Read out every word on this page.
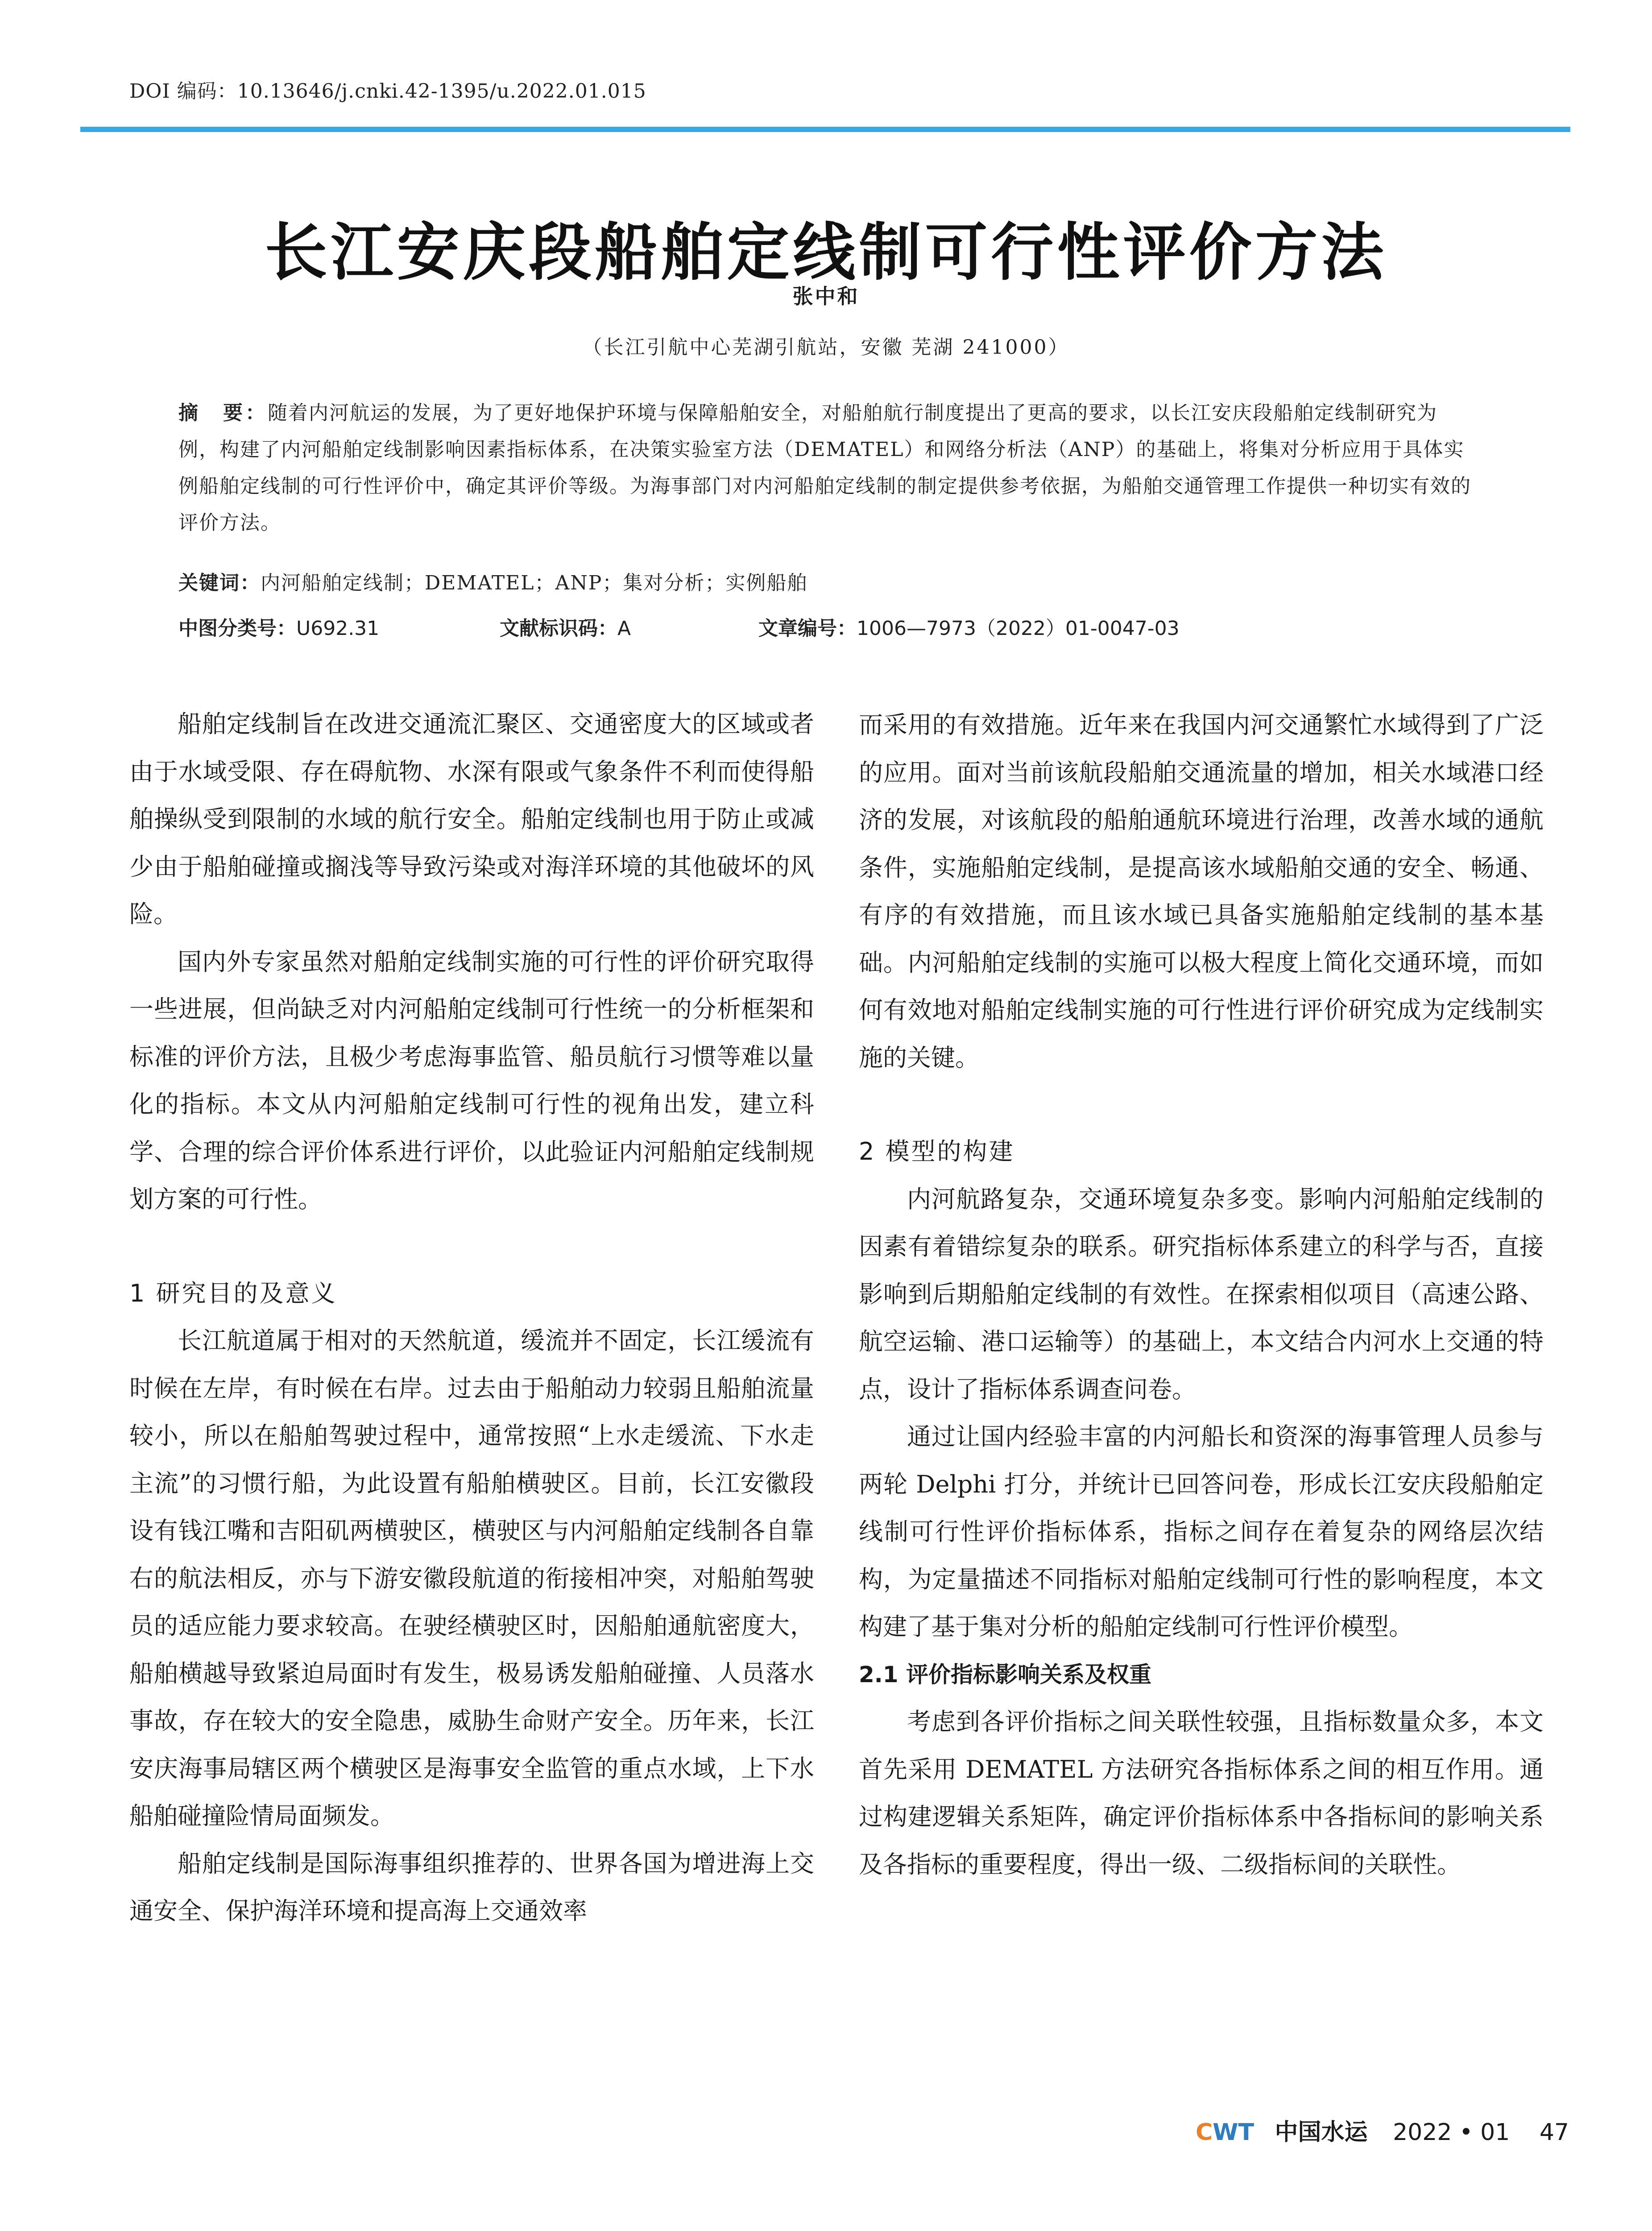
DOI 编码：10.13646/j.cnki.42-1395/u.2022.01.015
长江安庆段船舶定线制可行性评价方法
张中和
（长江引航中心芜湖引航站，安徽 芜湖 241000）
摘　要：随着内河航运的发展，为了更好地保护环境与保障船舶安全，对船舶航行制度提出了更高的要求，以长江安庆段船舶定线制研究为例，构建了内河船舶定线制影响因素指标体系，在决策实验室方法（DEMATEL）和网络分析法（ANP）的基础上，将集对分析应用于具体实例船舶定线制的可行性评价中，确定其评价等级。为海事部门对内河船舶定线制的制定提供参考依据，为船舶交通管理工作提供一种切实有效的评价方法。
关键词：内河船舶定线制；DEMATEL；ANP；集对分析；实例船舶
中图分类号：U692.31	文献标识码：A	文章编号：1006—7973（2022）01-0047-03

船舶定线制旨在改进交通流汇聚区、交通密度大的区域或者由于水域受限、存在碍航物、水深有限或气象条件不利而使得船舶操纵受到限制的水域的航行安全。船舶定线制也用于防止或减少由于船舶碰撞或搁浅等导致污染或对海洋环境的其他破坏的风险。

国内外专家虽然对船舶定线制实施的可行性的评价研究取得一些进展，但尚缺乏对内河船舶定线制可行性统一的分析框架和标准的评价方法，且极少考虑海事监管、船员航行习惯等难以量化的指标。本文从内河船舶定线制可行性的视角出发，建立科学、合理的综合评价体系进行评价，以此验证内河船舶定线制规划方案的可行性。

1 研究目的及意义

长江航道属于相对的天然航道，缓流并不固定，长江缓流有时候在左岸，有时候在右岸。过去由于船舶动力较弱且船舶流量较小，所以在船舶驾驶过程中，通常按照“上水走缓流、下水走主流”的习惯行船，为此设置有船舶横驶区。目前，长江安徽段设有钱江嘴和吉阳矶两横驶区，横驶区与内河船舶定线制各自靠右的航法相反，亦与下游安徽段航道的衔接相冲突，对船舶驾驶员的适应能力要求较高。在驶经横驶区时，因船舶通航密度大，船舶横越导致紧迫局面时有发生，极易诱发船舶碰撞、人员落水事故，存在较大的安全隐患，威胁生命财产安全。历年来，长江安庆海事局辖区两个横驶区是海事安全监管的重点水域，上下水船舶碰撞险情局面频发。

船舶定线制是国际海事组织推荐的、世界各国为增进海上交通安全、保护海洋环境和提高海上交通效率

而采用的有效措施。近年来在我国内河交通繁忙水域得到了广泛的应用。面对当前该航段船舶交通流量的增加，相关水域港口经济的发展，对该航段的船舶通航环境进行治理，改善水域的通航条件，实施船舶定线制，是提高该水域船舶交通的安全、畅通、有序的有效措施，而且该水域已具备实施船舶定线制的基本基础。内河船舶定线制的实施可以极大程度上简化交通环境，而如何有效地对船舶定线制实施的可行性进行评价研究成为定线制实施的关键。

2 模型的构建

内河航路复杂，交通环境复杂多变。影响内河船舶定线制的因素有着错综复杂的联系。研究指标体系建立的科学与否，直接影响到后期船舶定线制的有效性。在探索相似项目（高速公路、航空运输、港口运输等）的基础上，本文结合内河水上交通的特点，设计了指标体系调查问卷。

通过让国内经验丰富的内河船长和资深的海事管理人员参与两轮 Delphi 打分，并统计已回答问卷，形成长江安庆段船舶定线制可行性评价指标体系，指标之间存在着复杂的网络层次结构，为定量描述不同指标对船舶定线制可行性的影响程度，本文构建了基于集对分析的船舶定线制可行性评价模型。

2.1 评价指标影响关系及权重

考虑到各评价指标之间关联性较强，且指标数量众多，本文首先采用 DEMATEL 方法研究各指标体系之间的相互作用。通过构建逻辑关系矩阵，确定评价指标体系中各指标间的影响关系及各指标的重要程度，得出一级、二级指标间的关联性。

CWT 中国水运 2022 • 01 47
